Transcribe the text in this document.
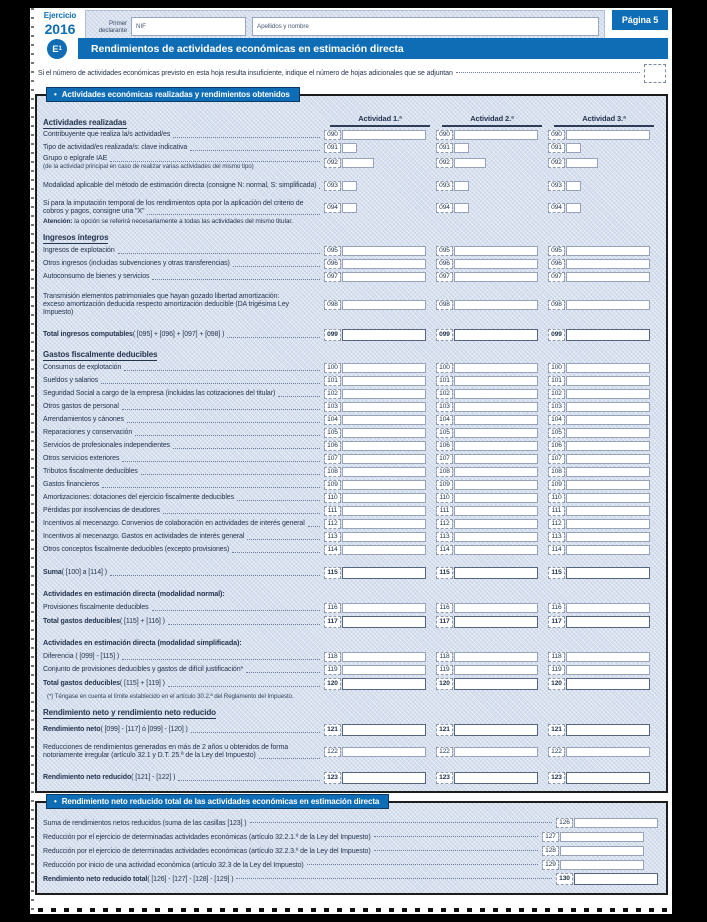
Ejercicio
2016	Primer
declarante NIF	Apellidos y nombre
Página 5
E 1	Rendimientos de actividades económicas en estimación directa
Si el número de actividades económicas previsto en esta hoja resulta insuficiente, indique el número de hojas adicionales que se adjuntan
• Actividades económicas realizadas y rendimientos obtenidos
Actividades realizadas	Actividad 1.ª	Actividad 2.ª	Actividad 3.ª
Contribuyente que realiza la/s actividad/es	090	090	090
Tipo de actividad/es realizada/s: clave indicativa	091	091	091
Grupo o epígrafe IAE
(de la actividad principal en caso de realizar varias actividades del mismo tipo)
092	092	092
Modalidad aplicable del método de estimación directa (consigne N: normal, S: simplificada)	093	093	093
Si para la imputación temporal de los rendimientos opta por la aplicación del criterio de
cobros y pagos, consigne una "X"
094	094	094
Atención: la opción se referirá necesariamente a todas las actividades del mismo titular.
Ingresos íntegros
Ingresos de explotación	095	095	095
Otros ingresos (incluidas subvenciones y otras transferencias)	096	096	096
Autoconsumo de bienes y servicios	097	097	097
Transmisión elementos patrimoniales que hayan gozado libertad amortización:
exceso amortización deducida respecto amortización deducible (DA trigésima Ley Impuesto)
098	098	098
Total ingresos computables ( [095] + [096] + [097] + [098] )	099	099	099
Gastos fiscalmente deducibles
Consumos de explotación	100	100	100
Sueldos y salarios	101	101	101
Seguridad Social a cargo de la empresa (incluidas las cotizaciones del titular)	102	102	102
Otros gastos de personal	103	103	103
Arrendamientos y cánones	104	104	104
Reparaciones y conservación	105	105	105
Servicios de profesionales independientes	106	106	106
Otros servicios exteriores	107	107	107
Tributos fiscalmente deducibles	108	108	108
Gastos financieros	109	109	109
Amortizaciones: dotaciones del ejercicio fiscalmente deducibles	110	110	110
Pérdidas por insolvencias de deudores	111	111	111
Incentivos al mecenazgo. Convenios de colaboración en actividades de interés general	112	112	112
Incentivos al mecenazgo. Gastos en actividades de interés general	113	113	113
Otros conceptos fiscalmente deducibles (excepto provisiones)	114	114	114
Suma ( [100] a [114] )	115	115	115
Actividades en estimación directa (modalidad normal):
Provisiones fiscalmente deducibles	116	116	116
Total gastos deducibles ( [115] + [116] )	117	117	117
Actividades en estimación directa (modalidad simplificada):
Diferencia ( [099] - [115] )	118	118	118
Conjunto de provisiones deducibles y gastos de difícil justificación*	119	119	119
Total gastos deducibles ( [115] + [119] )	120	120	120
(*) Téngase en cuenta el límite establecido en el artículo 30.2.ª del Reglamento del Impuesto.
Rendimiento neto y rendimiento neto reducido
Rendimiento neto ( [099] - [117] ó [099] - [120] )	121	121	121
Reducciones de rendimientos generados en más de 2 años u obtenidos de forma
notoriamente irregular (artículo 32.1 y D.T. 25.ª de la Ley del Impuesto)
122	122	122
Rendimiento neto reducido ( [121] - [122] )	123	123	123
• Rendimiento neto reducido total de las actividades económicas en estimación directa
Suma de rendimientos netos reducidos (suma de las casillas [123] )	126
Reducción por el ejercicio de determinadas actividades económicas (artículo 32.2.1.º de la Ley del Impuesto)	127
Reducción por el ejercicio de determinadas actividades económicas (artículo 32.2.3.º de la Ley del Impuesto)	128
Reducción por inicio de una actividad económica (artículo 32.3 de la Ley del Impuesto)	129
Rendimiento neto reducido total ( [126] - [127] - [128] - [129] )	130
